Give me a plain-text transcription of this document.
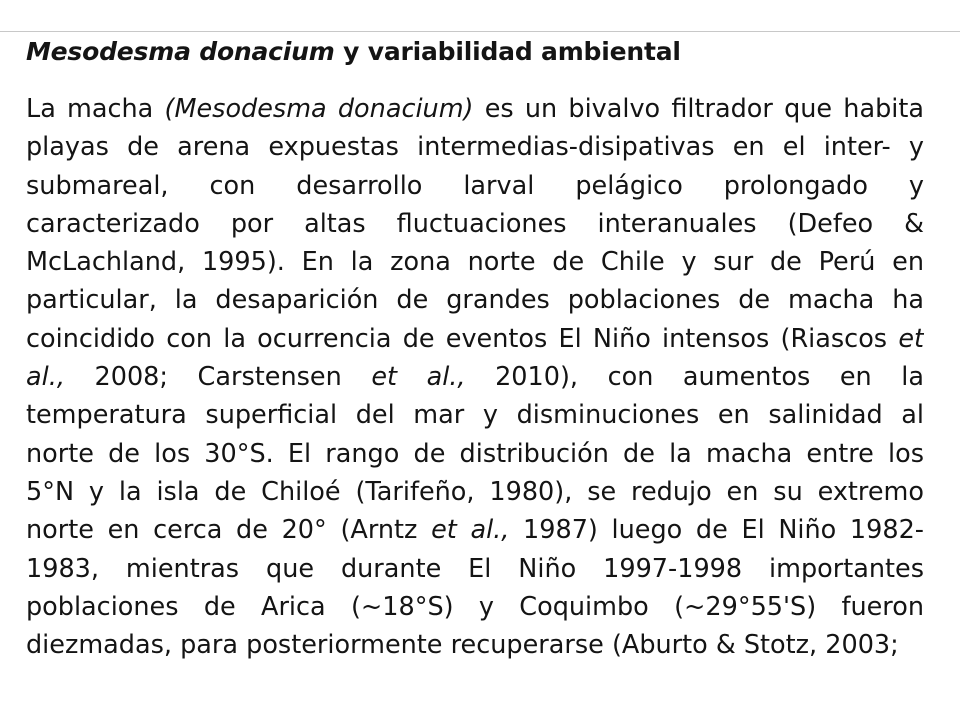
Mesodesma donacium y variabilidad ambiental
La macha (Mesodesma donacium) es un bivalvo filtrador que habita
playas de arena expuestas intermedias-disipativas en el inter- y
submareal, con desarrollo larval pelágico prolongado y
caracterizado por altas fluctuaciones interanuales (Defeo &
McLachland, 1995). En la zona norte de Chile y sur de Perú en
particular, la desaparición de grandes poblaciones de macha ha
coincidido con la ocurrencia de eventos El Niño intensos (Riascos et
al., 2008; Carstensen et al., 2010), con aumentos en la
temperatura superficial del mar y disminuciones en salinidad al
norte de los 30°S. El rango de distribución de la macha entre los
5°N y la isla de Chiloé (Tarifeño, 1980), se redujo en su extremo
norte en cerca de 20° (Arntz et al., 1987) luego de El Niño 1982-
1983, mientras que durante El Niño 1997-1998 importantes
poblaciones de Arica (~18°S) y Coquimbo (~29°55'S) fueron
diezmadas, para posteriormente recuperarse (Aburto & Stotz, 2003;
